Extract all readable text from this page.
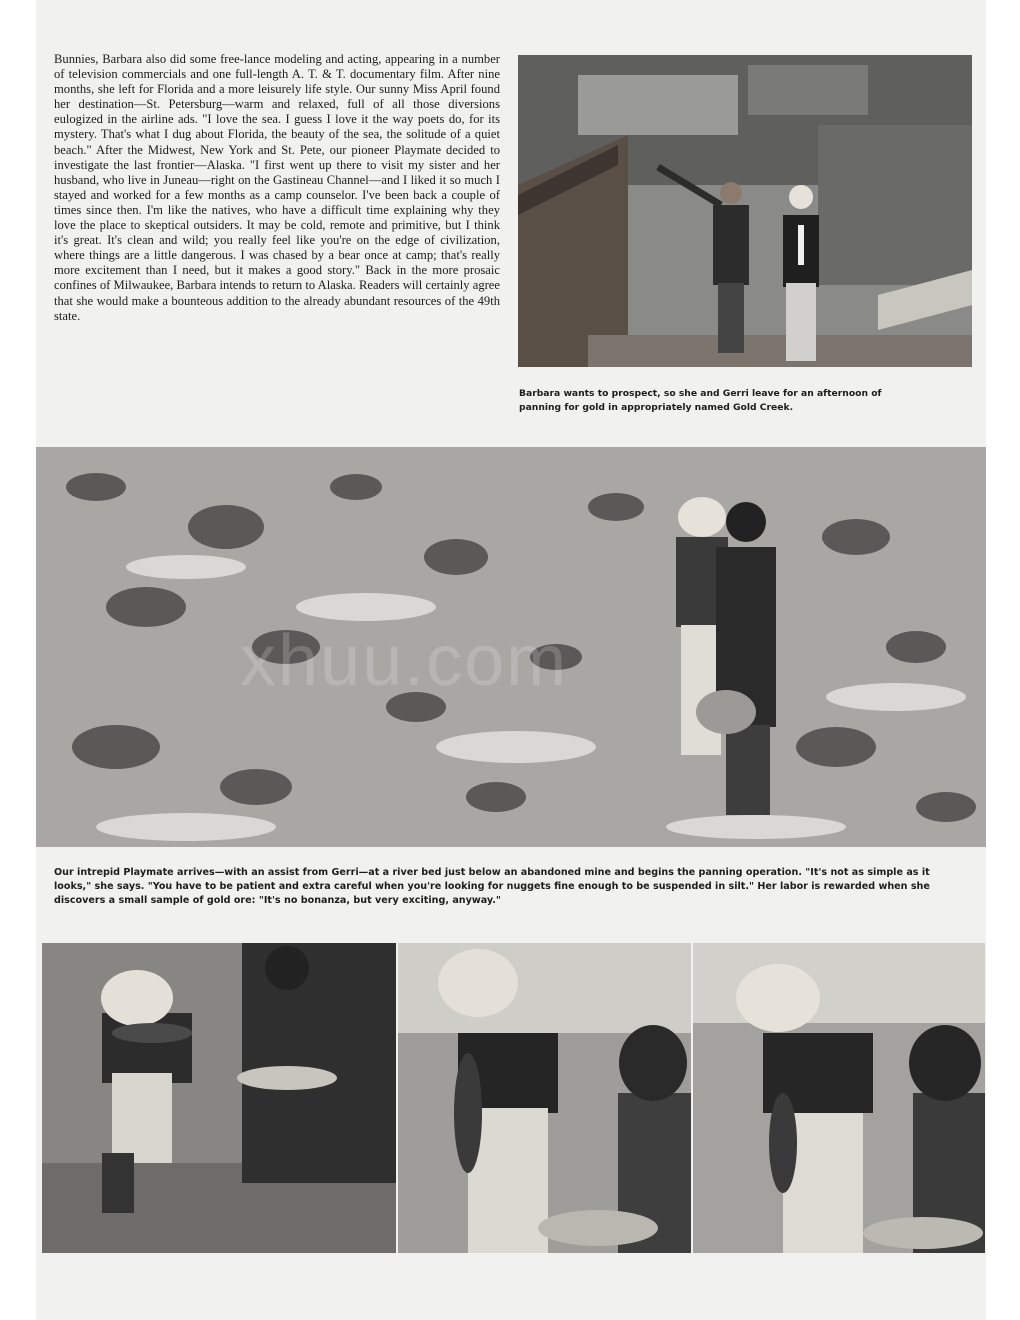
Bunnies, Barbara also did some free-lance modeling and acting, appearing in a number of television commercials and one full-length A. T. & T. documentary film. After nine months, she left for Florida and a more leisurely life style. Our sunny Miss April found her destination—St. Petersburg—warm and relaxed, full of all those diversions eulogized in the airline ads. "I love the sea. I guess I love it the way poets do, for its mystery. That's what I dug about Florida, the beauty of the sea, the solitude of a quiet beach." After the Midwest, New York and St. Pete, our pioneer Playmate decided to investigate the last frontier—Alaska. "I first went up there to visit my sister and her husband, who live in Juneau—right on the Gastineau Channel—and I liked it so much I stayed and worked for a few months as a camp counselor. I've been back a couple of times since then. I'm like the natives, who have a difficult time explaining why they love the place to skeptical outsiders. It may be cold, remote and primitive, but I think it's great. It's clean and wild; you really feel like you're on the edge of civilization, where things are a little dangerous. I was chased by a bear once at camp; that's really more excitement than I need, but it makes a good story." Back in the more prosaic confines of Milwaukee, Barbara intends to return to Alaska. Readers will certainly agree that she would make a bounteous addition to the already abundant resources of the 49th state.

Barbara wants to prospect, so she and Gerri leave for an afternoon of panning for gold in appropriately named Gold Creek.

Our intrepid Playmate arrives—with an assist from Gerri—at a river bed just below an abandoned mine and begins the panning operation. "It's not as simple as it looks," she says. "You have to be patient and extra careful when you're looking for nuggets fine enough to be suspended in silt." Her labor is rewarded when she discovers a small sample of gold ore: "It's no bonanza, but very exciting, anyway."
